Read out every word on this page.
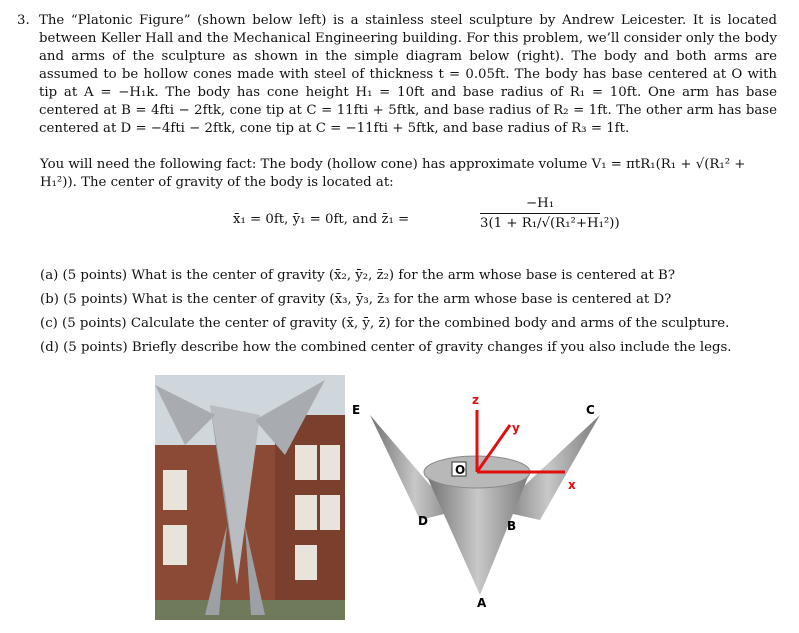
3. The “Platonic Figure” (shown below left) is a stainless steel sculpture by Andrew Leicester. It is located between Keller Hall and the Mechanical Engineering building. For this problem, we’ll consider only the body and arms of the sculpture as shown in the simple diagram below (right). The body and both arms are assumed to be hollow cones made with steel of thickness t = 0.05ft. The body has base centered at O with tip at A = −H₁k. The body has cone height H₁ = 10ft and base radius of R₁ = 10ft. One arm has base centered at B = 4fti − 2ftk, cone tip at C = 11fti + 5ftk, and base radius of R₂ = 1ft. The other arm has base centered at D = −4fti − 2ftk, cone tip at C = −11fti + 5ftk, and base radius of R₃ = 1ft.
You will need the following fact: The body (hollow cone) has approximate volume V₁ = πtR₁(R₁ + √(R₁² + H₁²)). The center of gravity of the body is located at:
x̄₁ = 0ft, ȳ₁ = 0ft, and z̄₁ =
−H₁
3(1 + R₁/√(R₁²+H₁²))
(a) (5 points) What is the center of gravity (x̄₂, ȳ₂, z̄₂) for the arm whose base is centered at B?
(b) (5 points) What is the center of gravity (x̄₃, ȳ₃, z̄₃ for the arm whose base is centered at D?
(c) (5 points) Calculate the center of gravity (x̄, ȳ, z̄) for the combined body and arms of the sculpture.
(d) (5 points) Briefly describe how the combined center of gravity changes if you also include the legs.
E	C
O
D	B
A
z
y
x
